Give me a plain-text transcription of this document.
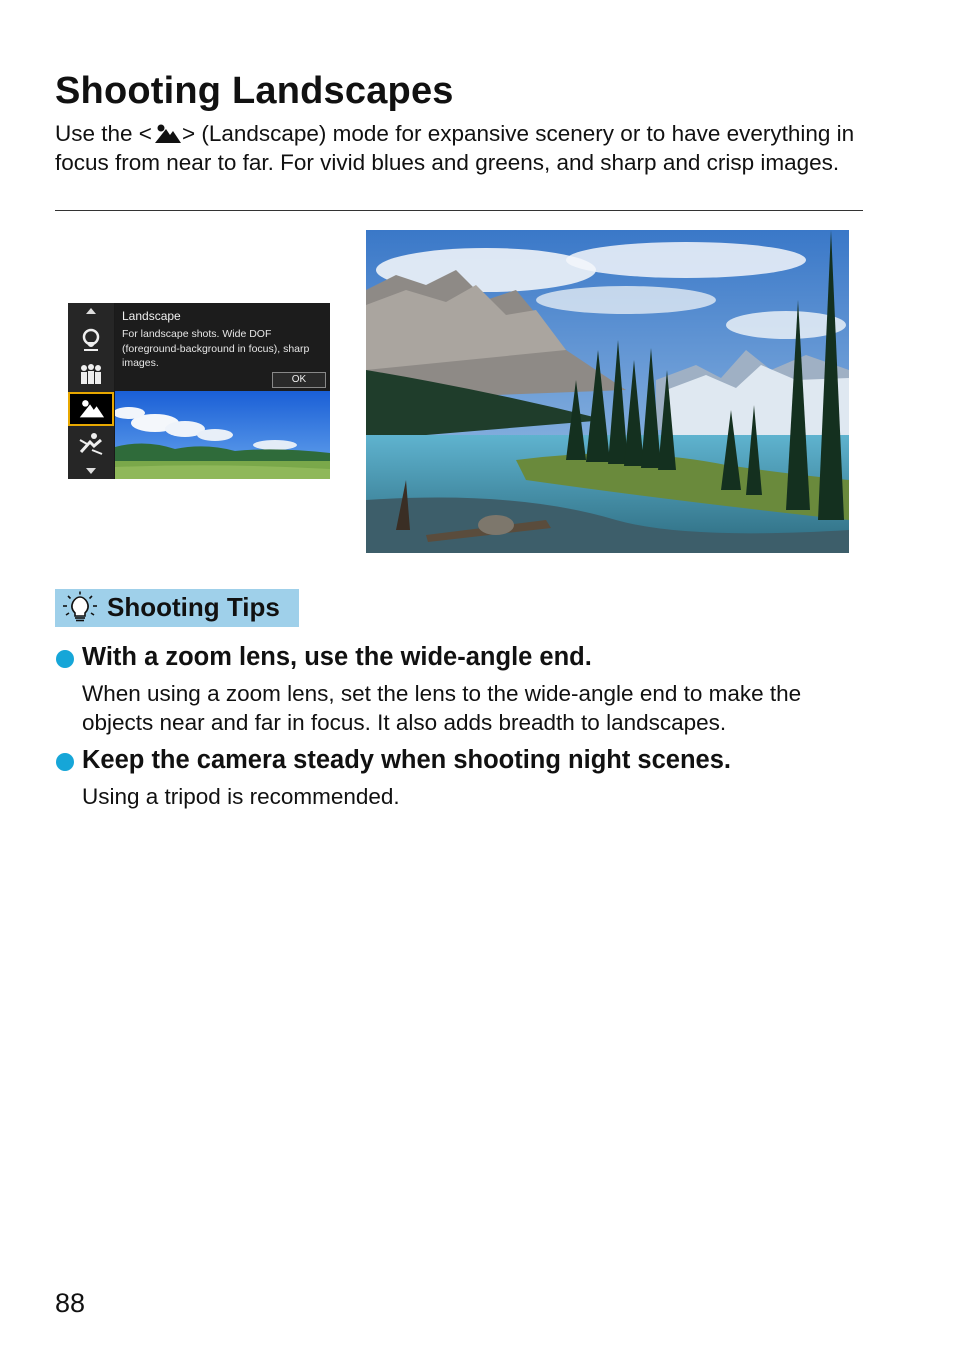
Shooting Landscapes

Use the < > (Landscape) mode for expansive scenery or to have everything in focus from near to far. For vivid blues and greens, and sharp and crisp images.

Landscape
For landscape shots. Wide DOF (foreground-background in focus), sharp images.
OK
Shooting Tips
With a zoom lens, use the wide-angle end.

When using a zoom lens, set the lens to the wide-angle end to make the objects near and far in focus. It also adds breadth to landscapes.

Keep the camera steady when shooting night scenes.

Using a tripod is recommended.

88
